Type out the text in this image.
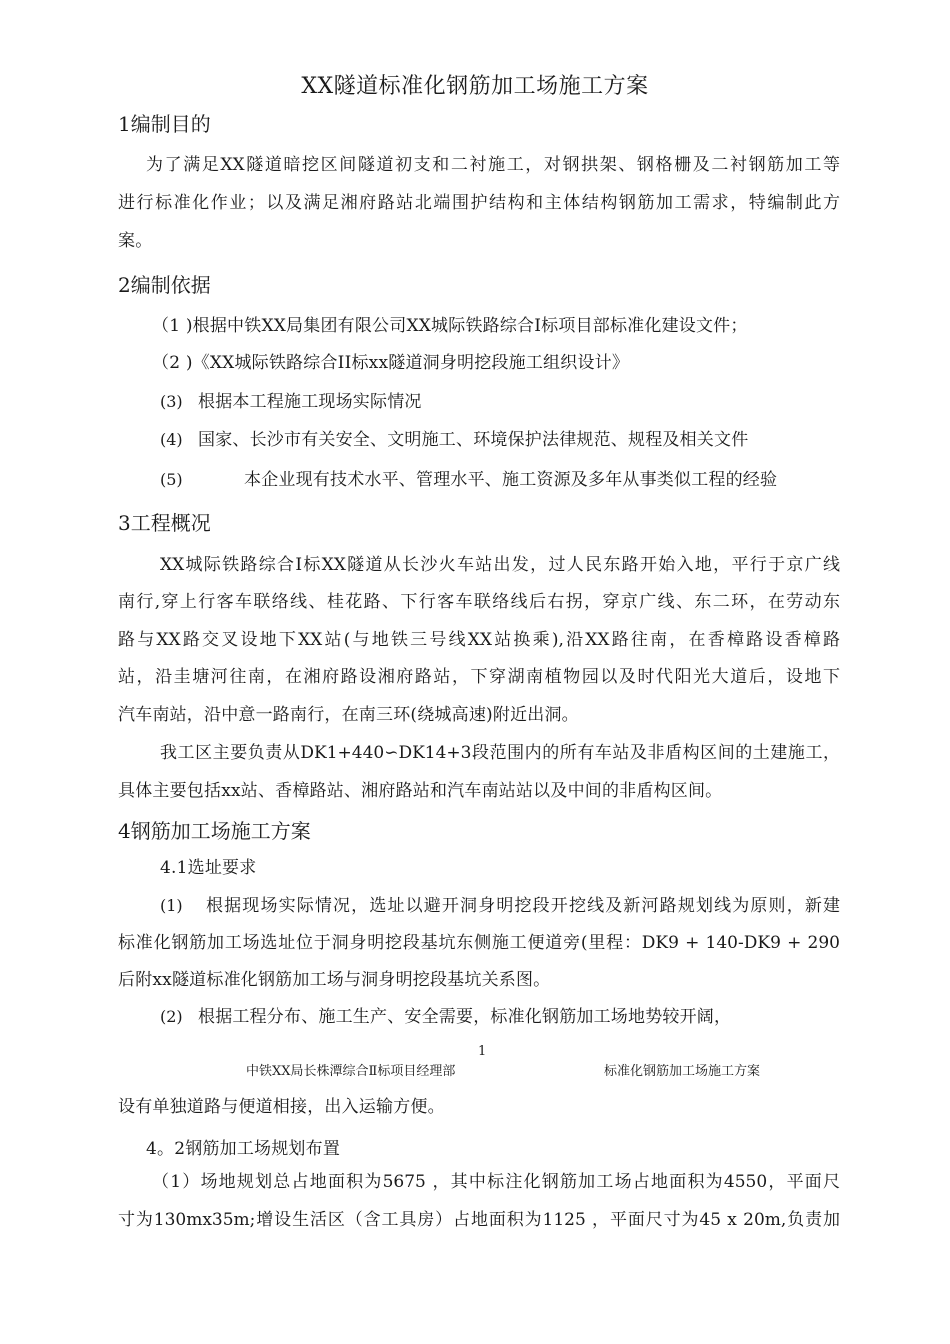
XX隧道标准化钢筋加工场施工方案
1编制目的
为了满足XX隧道暗挖区间隧道初支和二衬施工，对钢拱架、钢格栅及二衬钢筋加工等
进行标准化作业；以及满足湘府路站北端围护结构和主体结构钢筋加工需求，特编制此方
案。
2编制依据
（1 )根据中铁XX局集团有限公司XX城际铁路综合I标项目部标准化建设文件；
（2 )《XX城际铁路综合II标xx隧道洞身明挖段施工组织设计》
(3) 根据本工程施工现场实际情况
(4) 国家、长沙市有关安全、文明施工、环境保护法律规范、规程及相关文件
(5)	本企业现有技术水平、管理水平、施工资源及多年从事类似工程的经验
3工程概况
XX城际铁路综合I标XX隧道从长沙火车站出发，过人民东路开始入地，平行于京广线
南行,穿上行客车联络线、桂花路、下行客车联络线后右拐，穿京广线、东二环，在劳动东
路与XX路交叉设地下XX站(与地铁三号线XX站换乘),沿XX路往南，在香樟路设香樟路
站，沿圭塘河往南，在湘府路设湘府路站，下穿湖南植物园以及时代阳光大道后，设地下
汽车南站，沿中意一路南行，在南三环(绕城高速)附近出洞。
我工区主要负责从DK1+440∽DK14+3段范围内的所有车站及非盾构区间的土建施工，
具体主要包括xx站、香樟路站、湘府路站和汽车南站站以及中间的非盾构区间。
4钢筋加工场施工方案
4.1选址要求
(1) 根据现场实际情况，选址以避开洞身明挖段开挖线及新河路规划线为原则，新建
标准化钢筋加工场选址位于洞身明挖段基坑东侧施工便道旁(里程：DK9 + 140-DK9 + 290
后附xx隧道标准化钢筋加工场与洞身明挖段基坑关系图。
(2) 根据工程分布、施工生产、安全需要，标准化钢筋加工场地势较开阔，
1
中铁XX局长株潭综合Ⅱ标项目经理部	标准化钢筋加工场施工方案
设有单独道路与便道相接，出入运输方便。
4。2钢筋加工场规划布置
（1）场地规划总占地面积为5675 ，其中标注化钢筋加工场占地面积为4550，平面尺
寸为130mx35m;增设生活区（含工具房）占地面积为1125 ，平面尺寸为45 x 20m,负责加
